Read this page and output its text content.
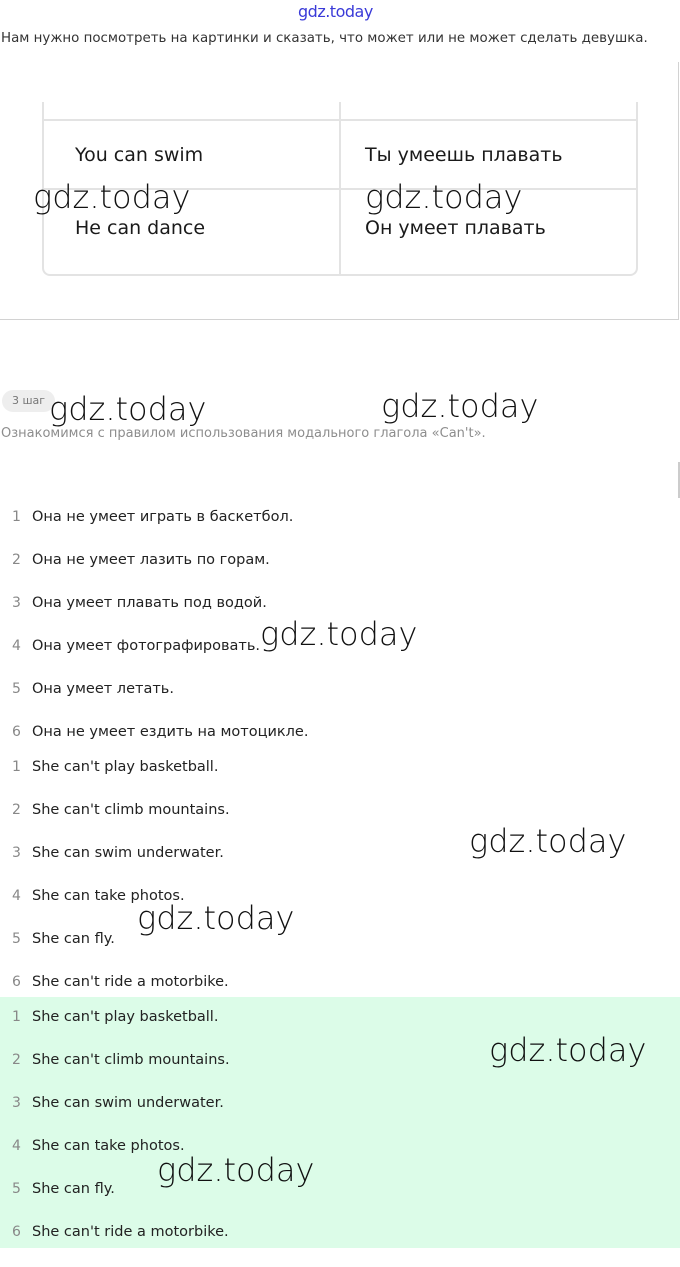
gdz.today
Нам нужно посмотреть на картинки и сказать, что может или не может сделать девушка.
You can swim	Ты умеешь плавать
He can dance	Он умеет плавать
3 шаг
Ознакомимся с правилом использования модального глагола «Can't».
1 Она не умеет играть в баскетбол.
2 Она не умеет лазить по горам.
3 Она умеет плавать под водой.
4 Она умеет фотографировать.
5 Она умеет летать.
6 Она не умеет ездить на мотоцикле.
1 She can't play basketball.
2 She can't climb mountains.
3 She can swim underwater.
4 She can take photos.
5 She can fly.
6 She can't ride a motorbike.
1 She can't play basketball.
2 She can't climb mountains.
3 She can swim underwater.
4 She can take photos.
5 She can fly.
6 She can't ride a motorbike.
gdz.today	gdz.today
gdz.today	gdz.today
gdz.today
gdz.today
gdz.today
gdz.today
gdz.today
